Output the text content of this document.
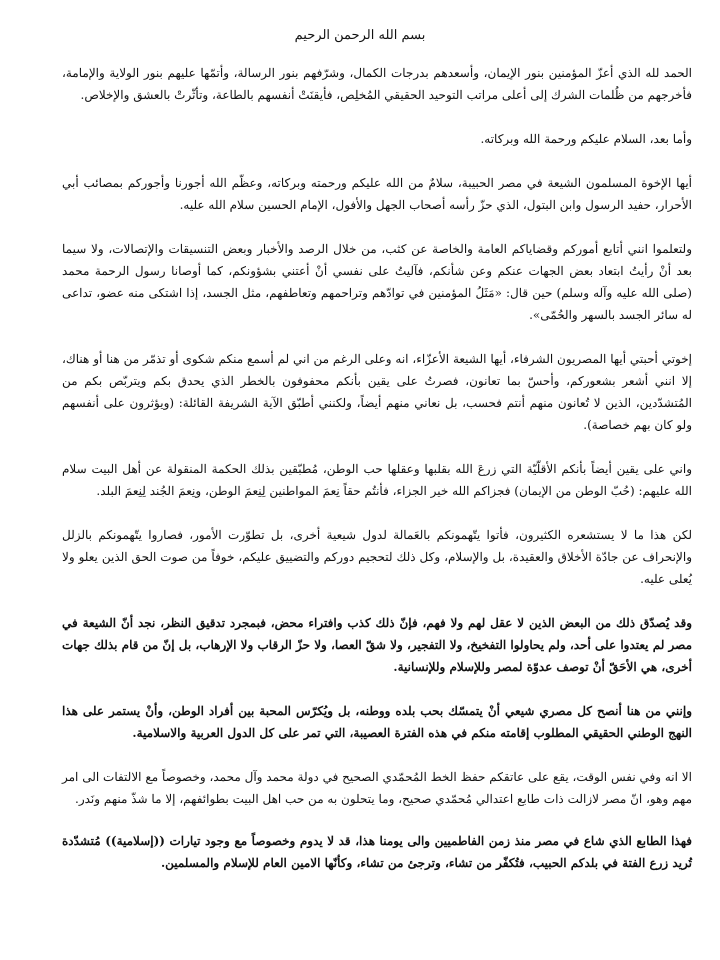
بسم الله الرحمن الرحيم

الحمد لله الذي أعزّ المؤمنين بنور الإيمان، وأسعدهم بدرجات الكمال، وشرّفهم بنور الرسالة، وأتمّها عليهم بنور الولاية والإمامة، فأخرجهم من ظُلمات الشرك إلى أعلى مراتب التوحيد الحقيقي المُخلِص، فأيقنَتْ أنفسهم بالطاعة، وتأثّرتْ بالعشق والإخلاص.

وأما بعد، السلام عليكم ورحمة الله وبركاته.

أيها الإخوة المسلمون الشيعة في مصر الحبيبة، سلامٌ من الله عليكم ورحمته وبركاته، وعظّم الله أجورنا وأجوركم بمصائب أبي الأحرار، حفيد الرسول وابن البتول، الذي حزّ رأسه أصحاب الجهل والأفول، الإمام الحسين سلام الله عليه.

ولتعلموا انني أتابع أموركم وقضاياكم العامة والخاصة عن كثب، من خلال الرصد والأخبار وبعض التنسيقات والإتصالات، ولا سيما بعد أنْ رأيتُ ابتعاد بعض الجهات عنكم وعن شأنكم، فآليتُ على نفسي أنْ أعتني بشؤونكم، كما أوصانا رسول الرحمة محمد (صلى الله عليه وآله وسلم) حين قال: «مَثَلُ المؤمنين في توادّهم وتراحمهم وتعاطفهم، مثل الجسد، إذا اشتكى منه عضو، تداعى له سائر الجسد بالسهر والحُمّى».

إخوتي أحبتي أيها المصريون الشرفاء، أيها الشيعة الأعزّاء، انه وعلى الرغم من اني لم أسمع منكم شكوى أو تذمّر من هنا أو هناك، إلا انني أشعر بشعوركم، وأحسّ بما تعانون، فصرتُ على يقين بأنكم محفوفون بالخطر الذي يحدق بكم ويتربّص بكم من المُتشدّدين، الذين لا تُعانون منهم أنتم فحسب، بل نعاني منهم أيضاً، ولكنني أطبّق الآية الشريفة القائلة: (ويؤثرون على أنفسهم ولو كان بهم خصاصة).

واني على يقين أيضاً بأنكم الأقلّيّة التي زرعَ الله بقلبها وعقلها حب الوطن، مُطبّقين بذلك الحكمة المنقولة عن أهل البيت سلام الله عليهم: (حُبّ الوطن من الإيمان) فجزاكم الله خير الجزاء، فأنتُم حقاً نِعمَ المواطنين لِنِعمَ الوطن، ونِعمَ الجُند لِنِعمَ البلد.

لكن هذا ما لا يستشعره الكثيرون، فأتوا يتّهمونكم بالعَمالة لدول شيعية أخرى، بل تطوّرت الأمور، فصاروا يتّهمونكم بالزلل والإنحراف عن جادّة الأخلاق والعقيدة، بل والإسلام، وكل ذلك لتحجيم دوركم والتضييق عليكم، خوفاً من صوت الحق الذين يعلو ولا يُعلى عليه.

وقد يُصدّق ذلك من البعض الذين لا عقل لهم ولا فهم، فإنّ ذلك كذب وافتراء محض، فبمجرد تدقيق النظر، نجد أنّ الشيعة في مصر لم يعتدوا على أحد، ولم يحاولوا التفخيخ، ولا التفجير، ولا شقّ العصا، ولا حزّ الرقاب ولا الإرهاب، بل إنّ من قام بذلك جهات أخرى، هي الأحَقّ أنْ توصف عدوّة لمصر وللإسلام وللإنسانية.

وإنني من هنا أنصح كل مصري شيعي أنْ يتمسّك بحب بلده ووطنه، بل ويُكرّس المحبة بين أفراد الوطن، وأنْ يستمر على هذا النهج الوطني الحقيقي المطلوب إقامته منكم في هذه الفترة العصيبة، التي تمر على كل الدول العربية والاسلامية.

الا انه وفي نفس الوقت، يقع على عاتقكم حفظ الخط المُحمّدي الصحيح في دولة محمد وآل محمد، وخصوصاً مع الالتفات الى امر مهم وهو، انّ مصر لازالت ذات طابع اعتدالي مُحمّدي صحيح، وما يتحلون به من حب اهل البيت بطوائفهم، إلا ما شذّ منهم ونَدر.

فهذا الطابع الذي شاع في مصر منذ زمن الفاطميين والى يومنا هذا، قد لا يدوم وخصوصاً مع وجود تيارات ((إسلامية)) مُتشدّدة تُريد زرع الفتة في بلدكم الحبيب، فتُكفّر من تشاء، وترجئ من تشاء، وكأنّها الامين العام للإسلام والمسلمين.
